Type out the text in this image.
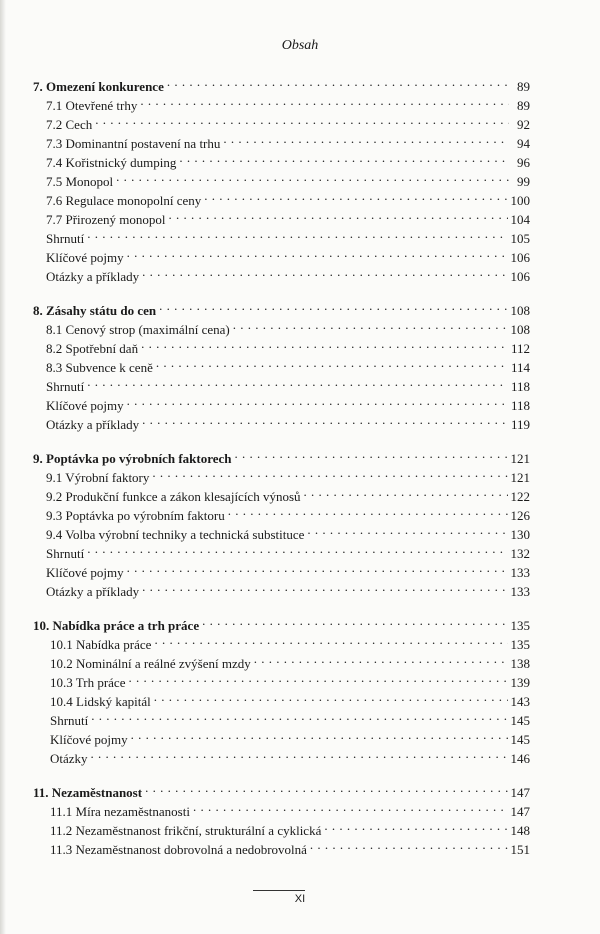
Obsah
7. Omezení konkurence . . .	89
7.1 Otevřené trhy . . .	89
7.2 Cech . . .	92
7.3 Dominantní postavení na trhu . . .	94
7.4 Kořistnický dumping . . .	96
7.5 Monopol . . .	99
7.6 Regulace monopolní ceny . . .	100
7.7 Přirozený monopol . . .	104
Shrnutí . . .	105
Klíčové pojmy . . .	106
Otázky a příklady . . .	106
8. Zásahy státu do cen . . .	108
8.1 Cenový strop (maximální cena) . . .	108
8.2 Spotřební daň . . .	112
8.3 Subvence k ceně . . .	114
Shrnutí . . .	118
Klíčové pojmy . . .	118
Otázky a příklady . . .	119
9. Poptávka po výrobních faktorech . . .	121
9.1 Výrobní faktory . . .	121
9.2 Produkční funkce a zákon klesajících výnosů . . .	122
9.3 Poptávka po výrobním faktoru . . .	126
9.4 Volba výrobní techniky a technická substituce . . .	130
Shrnutí . . .	132
Klíčové pojmy . . .	133
Otázky a příklady . . .	133
10. Nabídka práce a trh práce . . .	135
10.1 Nabídka práce . . .	135
10.2 Nominální a reálné zvýšení mzdy . . .	138
10.3 Trh práce . . .	139
10.4 Lidský kapitál . . .	143
Shrnutí . . .	145
Klíčové pojmy . . .	145
Otázky . . .	146
11. Nezaměstnanost . . .	147
11.1 Míra nezaměstnanosti . . .	147
11.2 Nezaměstnanost frikční, strukturální a cyklická . . .	148
11.3 Nezaměstnanost dobrovolná a nedobrovolná . . .	151
XI
